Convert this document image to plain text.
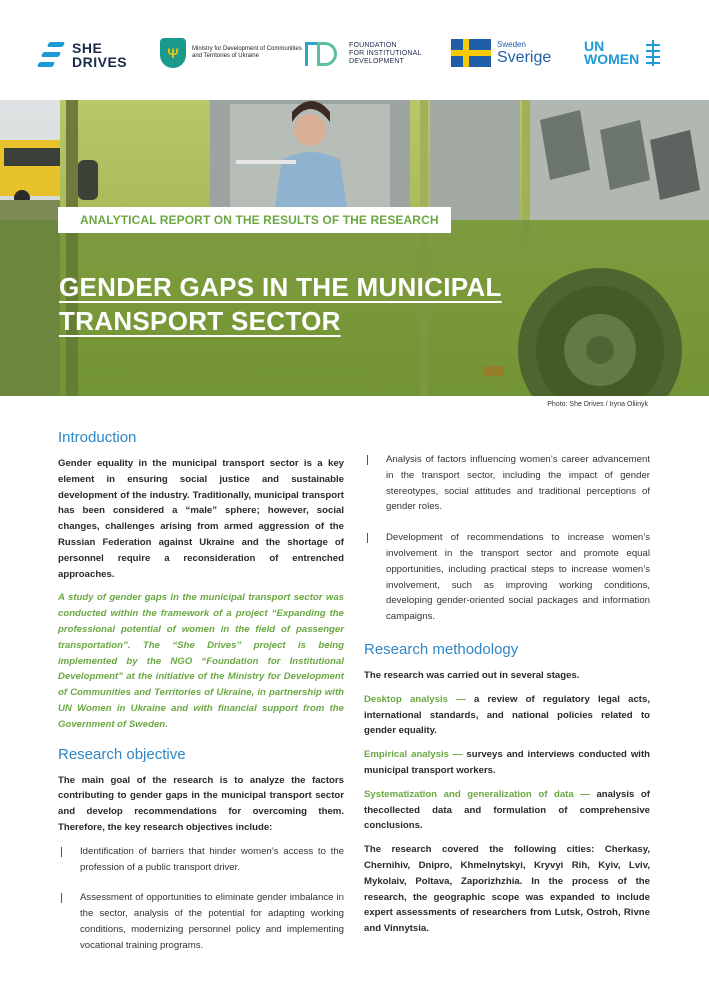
SHE
DRIVES
Ψ	Ministry for Development of Communities and Territories of Ukraine
FOUNDATION
FOR INSTITUTIONAL
DEVELOPMENT
Sweden
Sverige
UN
WOMEN
ANALYTICAL REPORT ON THE RESULTS OF THE RESEARCH
GENDER GAPS IN THE MUNICIPAL
TRANSPORT SECTOR
Photo: She Drives / Iryna Oliinyk
Introduction

Gender equality in the municipal transport sector is a key element in ensuring social justice and sustainable development of the industry. Traditionally, municipal transport has been considered a “male” sphere; however, social changes, challenges arising from armed aggression of the Russian Federation against Ukraine and the shortage of personnel require a reconsideration of entrenched approaches.

A study of gender gaps in the municipal transport sector was conducted within the framework of a project “Expanding the professional potential of women in the field of passenger transportation”. The “She Drives” project is being implemented by the NGO “Foundation for Institutional Development” at the initiative of the Ministry for Development of Communities and Territories of Ukraine, in partnership with UN Women in Ukraine and with financial support from the Government of Sweden.

Research objective

The main goal of the research is to analyze the factors contributing to gender gaps in the municipal transport sector and develop recommendations for overcoming them. Therefore, the key research objectives include:

Identification of barriers that hinder women’s access to the profession of a public transport driver.
Assessment of opportunities to eliminate gender imbalance in the sector, analysis of the potential for adapting working conditions, modernizing personnel policy and implementing vocational training programs.
Analysis of factors influencing women’s career advancement in the transport sector, including the impact of gender stereotypes, social attitudes and traditional perceptions of gender roles.
Development of recommendations to increase women’s involvement in the transport sector and promote equal opportunities, including practical steps to increase women’s involvement, such as improving working conditions, developing gender-oriented social packages and information campaigns.
Research methodology

The research was carried out in several stages.

Desktop analysis — a review of regulatory legal acts, international standards, and national policies related to gender equality.
Empirical analysis — surveys and interviews conducted with municipal transport workers.
Systematization and generalization of data — analysis of thecollected data and formulation of comprehensive conclusions.

The research covered the following cities: Cherkasy, Chernihiv, Dnipro, Khmelnytskyi, Kryvyi Rih, Kyiv, Lviv, Mykolaiv, Poltava, Zaporizhzhia. In the process of the research, the geographic scope was expanded to include expert assessments of researchers from Lutsk, Ostroh, Rivne and Vinnytsia.
